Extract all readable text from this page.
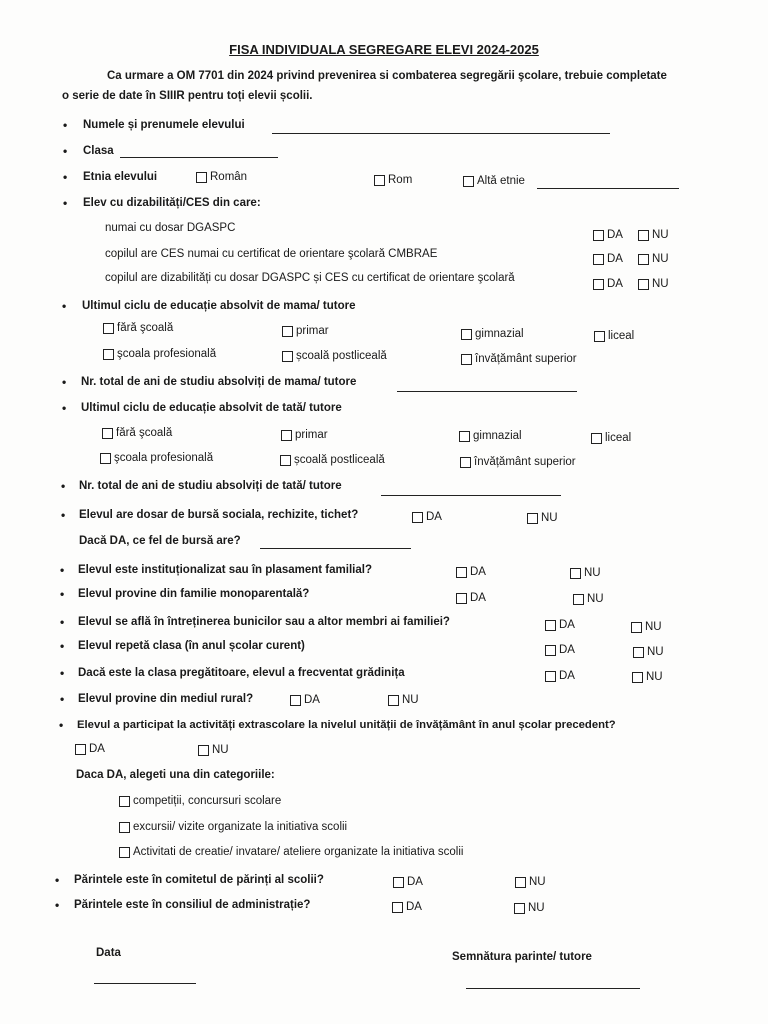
FISA INDIVIDUALA SEGREGARE ELEVI 2024-2025
Ca urmare a OM 7701 din 2024 privind prevenirea si combaterea segregării şcolare, trebuie completate
o serie de date în SIIIR pentru toți elevii școlii.
• Numele și prenumele elevului
• Clasa
• Etnia elevului	Român	Rom	Altă etnie
• Elev cu dizabilități/CES din care:
numai cu dosar DGASPC
DA	NU
copilul are CES numai cu certificat de orientare şcolară CMBRAE	DA	NU
copilul are dizabilități cu dosar DGASPC și CES cu certificat de orientare şcolară	DA	NU
• Ultimul ciclu de educație absolvit de mama/ tutore
fără şcoală	primar	gimnazial	liceal
şcoala profesională	școală postliceală	învățământ superior
• Nr. total de ani de studiu absolviți de mama/ tutore
• Ultimul ciclu de educație absolvit de tată/ tutore
fără şcoală	primar	gimnazial	liceal
şcoala profesională	școală postliceală	învățământ superior
• Nr. total de ani de studiu absolviți de tată/ tutore
• Elevul are dosar de bursă sociala, rechizite, tichet?	DA	NU
Dacă DA, ce fel de bursă are?
• Elevul este instituționalizat sau în plasament familial?	DA	NU
• Elevul provine din familie monoparentală?	DA	NU
• Elevul se află în întreținerea bunicilor sau a altor membri ai familiei?	DA	NU
• Elevul repetă clasa (în anul școlar curent)	DA	NU
• Dacă este la clasa pregătitoare, elevul a frecventat grădinița	DA	NU
• Elevul provine din mediul rural?	DA	NU
• Elevul a participat la activități extrascolare la nivelul unității de învățământ în anul școlar precedent?
DA	NU
Daca DA, alegeti una din categoriile:
competiții, concursuri scolare
excursii/ vizite organizate la initiativa scolii
Activitati de creatie/ invatare/ ateliere organizate la initiativa scolii
• Părintele este în comitetul de părinți al scolii?	DA	NU
• Părintele este în consiliul de administrație?	DA	NU
Data	Semnătura parinte/ tutore
